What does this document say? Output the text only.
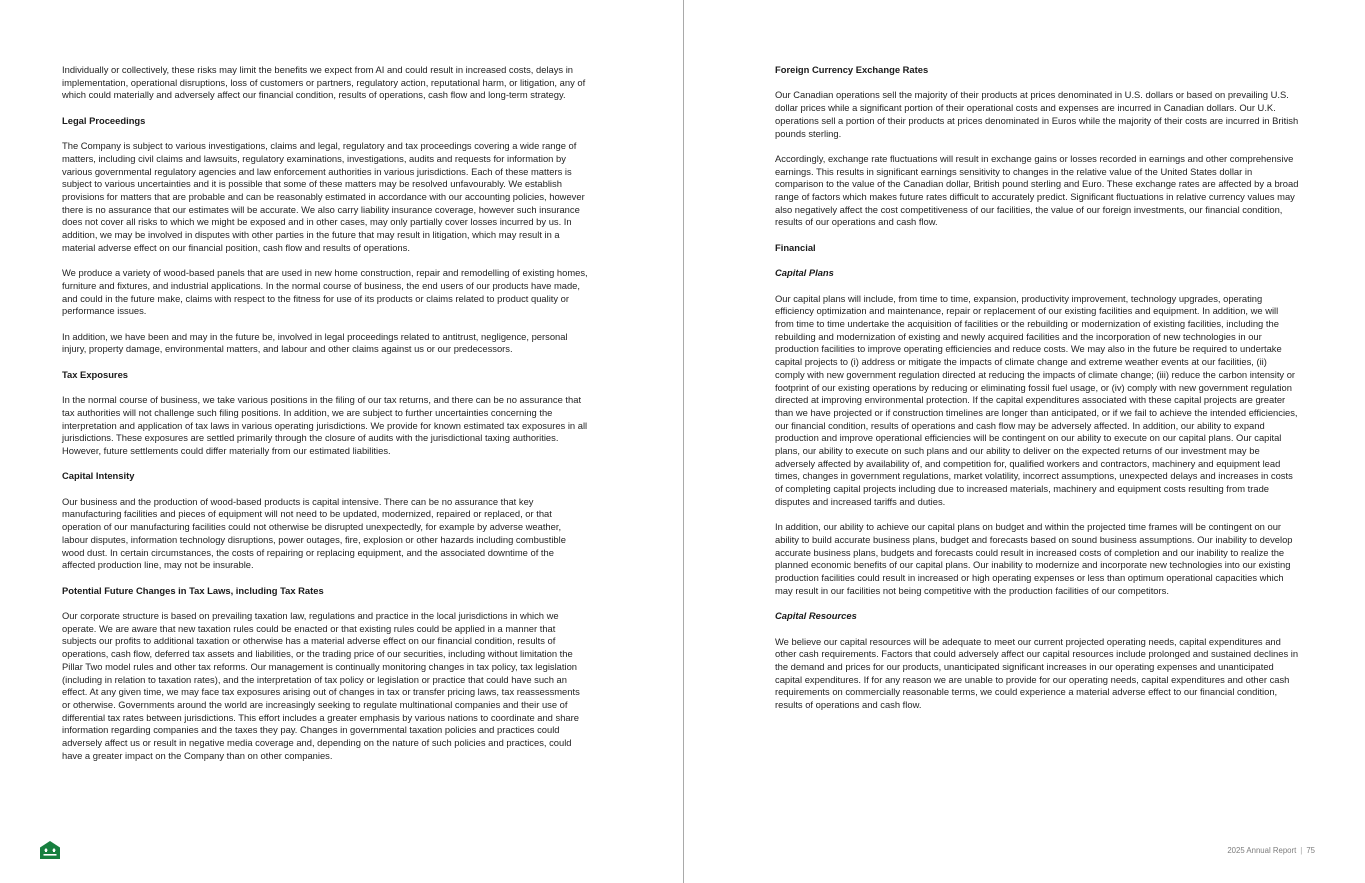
Individually or collectively, these risks may limit the benefits we expect from AI and could result in increased costs, delays in implementation, operational disruptions, loss of customers or partners, regulatory action, reputational harm, or litigation, any of which could materially and adversely affect our financial condition, results of operations, cash flow and long-term strategy.

Legal Proceedings

The Company is subject to various investigations, claims and legal, regulatory and tax proceedings covering a wide range of matters, including civil claims and lawsuits, regulatory examinations, investigations, audits and requests for information by various governmental regulatory agencies and law enforcement authorities in various jurisdictions. Each of these matters is subject to various uncertainties and it is possible that some of these matters may be resolved unfavourably. We establish provisions for matters that are probable and can be reasonably estimated in accordance with our accounting policies, however there is no assurance that our estimates will be accurate. We also carry liability insurance coverage, however such insurance does not cover all risks to which we might be exposed and in other cases, may only partially cover losses incurred by us. In addition, we may be involved in disputes with other parties in the future that may result in litigation, which may result in a material adverse effect on our financial position, cash flow and results of operations.

We produce a variety of wood-based panels that are used in new home construction, repair and remodelling of existing homes, furniture and fixtures, and industrial applications. In the normal course of business, the end users of our products have made, and could in the future make, claims with respect to the fitness for use of its products or claims related to product quality or performance issues.

In addition, we have been and may in the future be, involved in legal proceedings related to antitrust, negligence, personal injury, property damage, environmental matters, and labour and other claims against us or our predecessors.

Tax Exposures

In the normal course of business, we take various positions in the filing of our tax returns, and there can be no assurance that tax authorities will not challenge such filing positions. In addition, we are subject to further uncertainties concerning the interpretation and application of tax laws in various operating jurisdictions. We provide for known estimated tax exposures in all jurisdictions. These exposures are settled primarily through the closure of audits with the jurisdictional taxing authorities. However, future settlements could differ materially from our estimated liabilities.

Capital Intensity

Our business and the production of wood-based products is capital intensive. There can be no assurance that key manufacturing facilities and pieces of equipment will not need to be updated, modernized, repaired or replaced, or that operation of our manufacturing facilities could not otherwise be disrupted unexpectedly, for example by adverse weather, labour disputes, information technology disruptions, power outages, fire, explosion or other hazards including combustible wood dust. In certain circumstances, the costs of repairing or replacing equipment, and the associated downtime of the affected production line, may not be insurable.

Potential Future Changes in Tax Laws, including Tax Rates

Our corporate structure is based on prevailing taxation law, regulations and practice in the local jurisdictions in which we operate. We are aware that new taxation rules could be enacted or that existing rules could be applied in a manner that subjects our profits to additional taxation or otherwise has a material adverse effect on our financial condition, results of operations, cash flow, deferred tax assets and liabilities, or the trading price of our securities, including without limitation the Pillar Two model rules and other tax reforms. Our management is continually monitoring changes in tax policy, tax legislation (including in relation to taxation rates), and the interpretation of tax policy or legislation or practice that could have such an effect. At any given time, we may face tax exposures arising out of changes in tax or transfer pricing laws, tax reassessments or otherwise. Governments around the world are increasingly seeking to regulate multinational companies and their use of differential tax rates between jurisdictions. This effort includes a greater emphasis by various nations to coordinate and share information regarding companies and the taxes they pay. Changes in governmental taxation policies and practices could adversely affect us or result in negative media coverage and, depending on the nature of such policies and practices, could have a greater impact on the Company than on other companies.

Foreign Currency Exchange Rates

Our Canadian operations sell the majority of their products at prices denominated in U.S. dollars or based on prevailing U.S. dollar prices while a significant portion of their operational costs and expenses are incurred in Canadian dollars. Our U.K. operations sell a portion of their products at prices denominated in Euros while the majority of their costs are incurred in British pounds sterling.

Accordingly, exchange rate fluctuations will result in exchange gains or losses recorded in earnings and other comprehensive earnings. This results in significant earnings sensitivity to changes in the relative value of the United States dollar in comparison to the value of the Canadian dollar, British pound sterling and Euro. These exchange rates are affected by a broad range of factors which makes future rates difficult to accurately predict. Significant fluctuations in relative currency values may also negatively affect the cost competitiveness of our facilities, the value of our foreign investments, our financial condition, results of our operations and cash flow.

Financial
Capital Plans

Our capital plans will include, from time to time, expansion, productivity improvement, technology upgrades, operating efficiency optimization and maintenance, repair or replacement of our existing facilities and equipment. In addition, we will from time to time undertake the acquisition of facilities or the rebuilding or modernization of existing facilities, including the rebuilding and modernization of existing and newly acquired facilities and the incorporation of new technologies in our production facilities to improve operating efficiencies and reduce costs. We may also in the future be required to undertake capital projects to (i) address or mitigate the impacts of climate change and extreme weather events at our facilities, (ii) comply with new government regulation directed at reducing the impacts of climate change; (iii) reduce the carbon intensity or footprint of our existing operations by reducing or eliminating fossil fuel usage, or (iv) comply with new government regulation directed at improving environmental protection. If the capital expenditures associated with these capital projects are greater than we have projected or if construction timelines are longer than anticipated, or if we fail to achieve the intended efficiencies, our financial condition, results of operations and cash flow may be adversely affected. In addition, our ability to expand production and improve operational efficiencies will be contingent on our ability to execute on our capital plans. Our capital plans, our ability to execute on such plans and our ability to deliver on the expected returns of our investment may be adversely affected by availability of, and competition for, qualified workers and contractors, machinery and equipment lead times, changes in government regulations, market volatility, incorrect assumptions, unexpected delays and increases in costs of completing capital projects including due to increased materials, machinery and equipment costs resulting from trade disputes and increased tariffs and duties.

In addition, our ability to achieve our capital plans on budget and within the projected time frames will be contingent on our ability to build accurate business plans, budget and forecasts based on sound business assumptions. Our inability to develop accurate business plans, budgets and forecasts could result in increased costs of completion and our inability to realize the planned economic benefits of our capital plans. Our inability to modernize and incorporate new technologies into our existing production facilities could result in increased or high operating expenses or less than optimum operational capacities which may result in our facilities not being competitive with the production facilities of our competitors.

Capital Resources

We believe our capital resources will be adequate to meet our current projected operating needs, capital expenditures and other cash requirements. Factors that could adversely affect our capital resources include prolonged and sustained declines in the demand and prices for our products, unanticipated significant increases in our operating expenses and unanticipated capital expenditures. If for any reason we are unable to provide for our operating needs, capital expenditures and other cash requirements on commercially reasonable terms, we could experience a material adverse effect to our financial condition, results of operations and cash flow.

2025 Annual Report | 75
